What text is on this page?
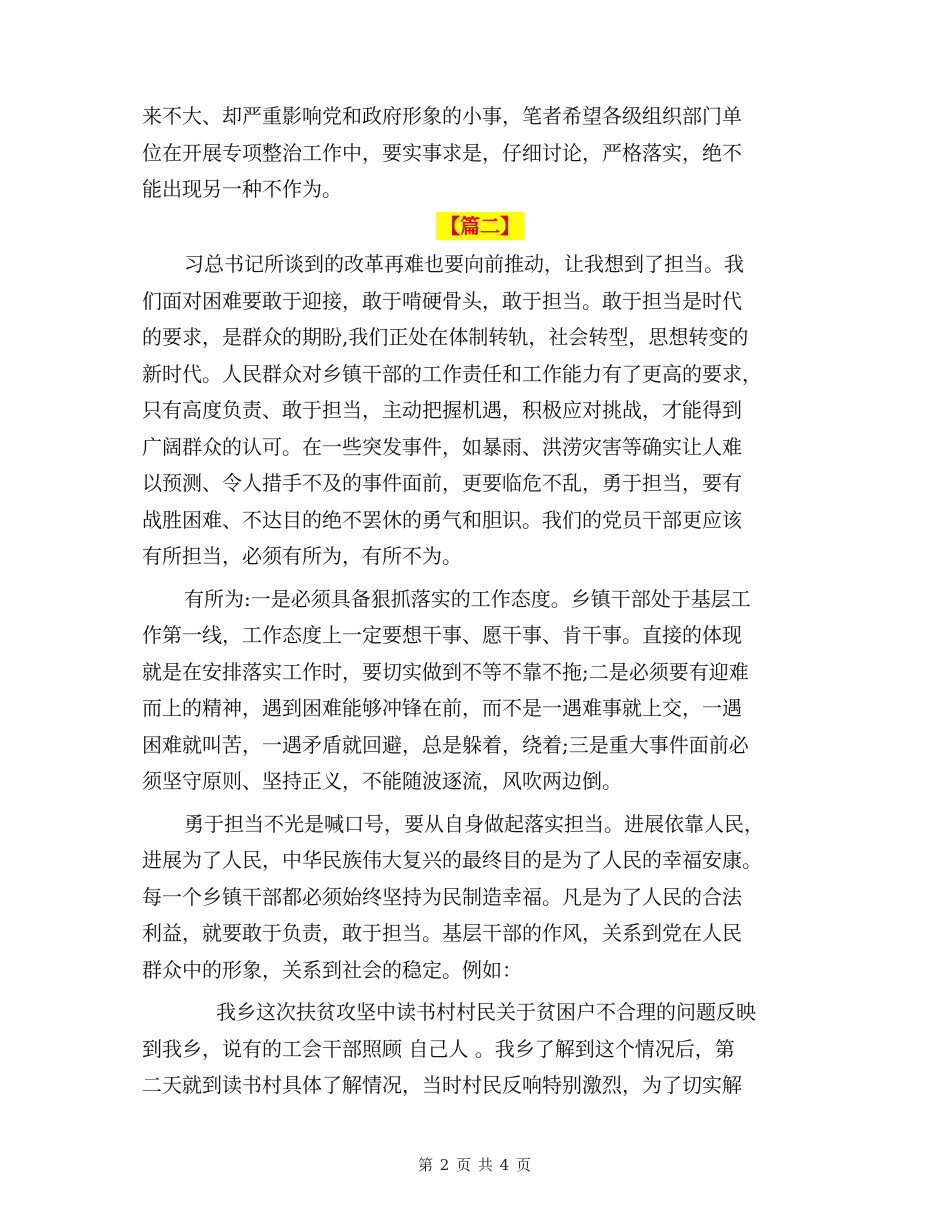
来不大、却严重影响党和政府形象的小事，笔者希望各级组织部门单
位在开展专项整治工作中，要实事求是，仔细讨论，严格落实，绝不
能出现另一种不作为。
【篇二】
习总书记所谈到的改革再难也要向前推动，让我想到了担当。我
们面对困难要敢于迎接，敢于啃硬骨头，敢于担当。敢于担当是时代
的要求，是群众的期盼,我们正处在体制转轨，社会转型，思想转变的
新时代。人民群众对乡镇干部的工作责任和工作能力有了更高的要求，
只有高度负责、敢于担当，主动把握机遇，积极应对挑战，才能得到
广阔群众的认可。在一些突发事件，如暴雨、洪涝灾害等确实让人难
以预测、令人措手不及的事件面前，更要临危不乱，勇于担当，要有
战胜困难、不达目的绝不罢休的勇气和胆识。我们的党员干部更应该
有所担当，必须有所为，有所不为。
有所为:一是必须具备狠抓落实的工作态度。乡镇干部处于基层工
作第一线，工作态度上一定要想干事、愿干事、肯干事。直接的体现
就是在安排落实工作时，要切实做到不等不靠不拖;二是必须要有迎难
而上的精神，遇到困难能够冲锋在前，而不是一遇难事就上交，一遇
困难就叫苦，一遇矛盾就回避，总是躲着，绕着;三是重大事件面前必
须坚守原则、坚持正义，不能随波逐流，风吹两边倒。
勇于担当不光是喊口号，要从自身做起落实担当。进展依靠人民，
进展为了人民，中华民族伟大复兴的最终目的是为了人民的幸福安康。
每一个乡镇干部都必须始终坚持为民制造幸福。凡是为了人民的合法
利益，就要敢于负责，敢于担当。基层干部的作风，关系到党在人民
群众中的形象，关系到社会的稳定。例如：
我乡这次扶贫攻坚中读书村村民关于贫困户不合理的问题反映
到我乡，说有的工会干部照顾 自己人 。我乡了解到这个情况后，第
二天就到读书村具体了解情况，当时村民反响特别激烈，为了切实解
第 2 页 共 4 页
